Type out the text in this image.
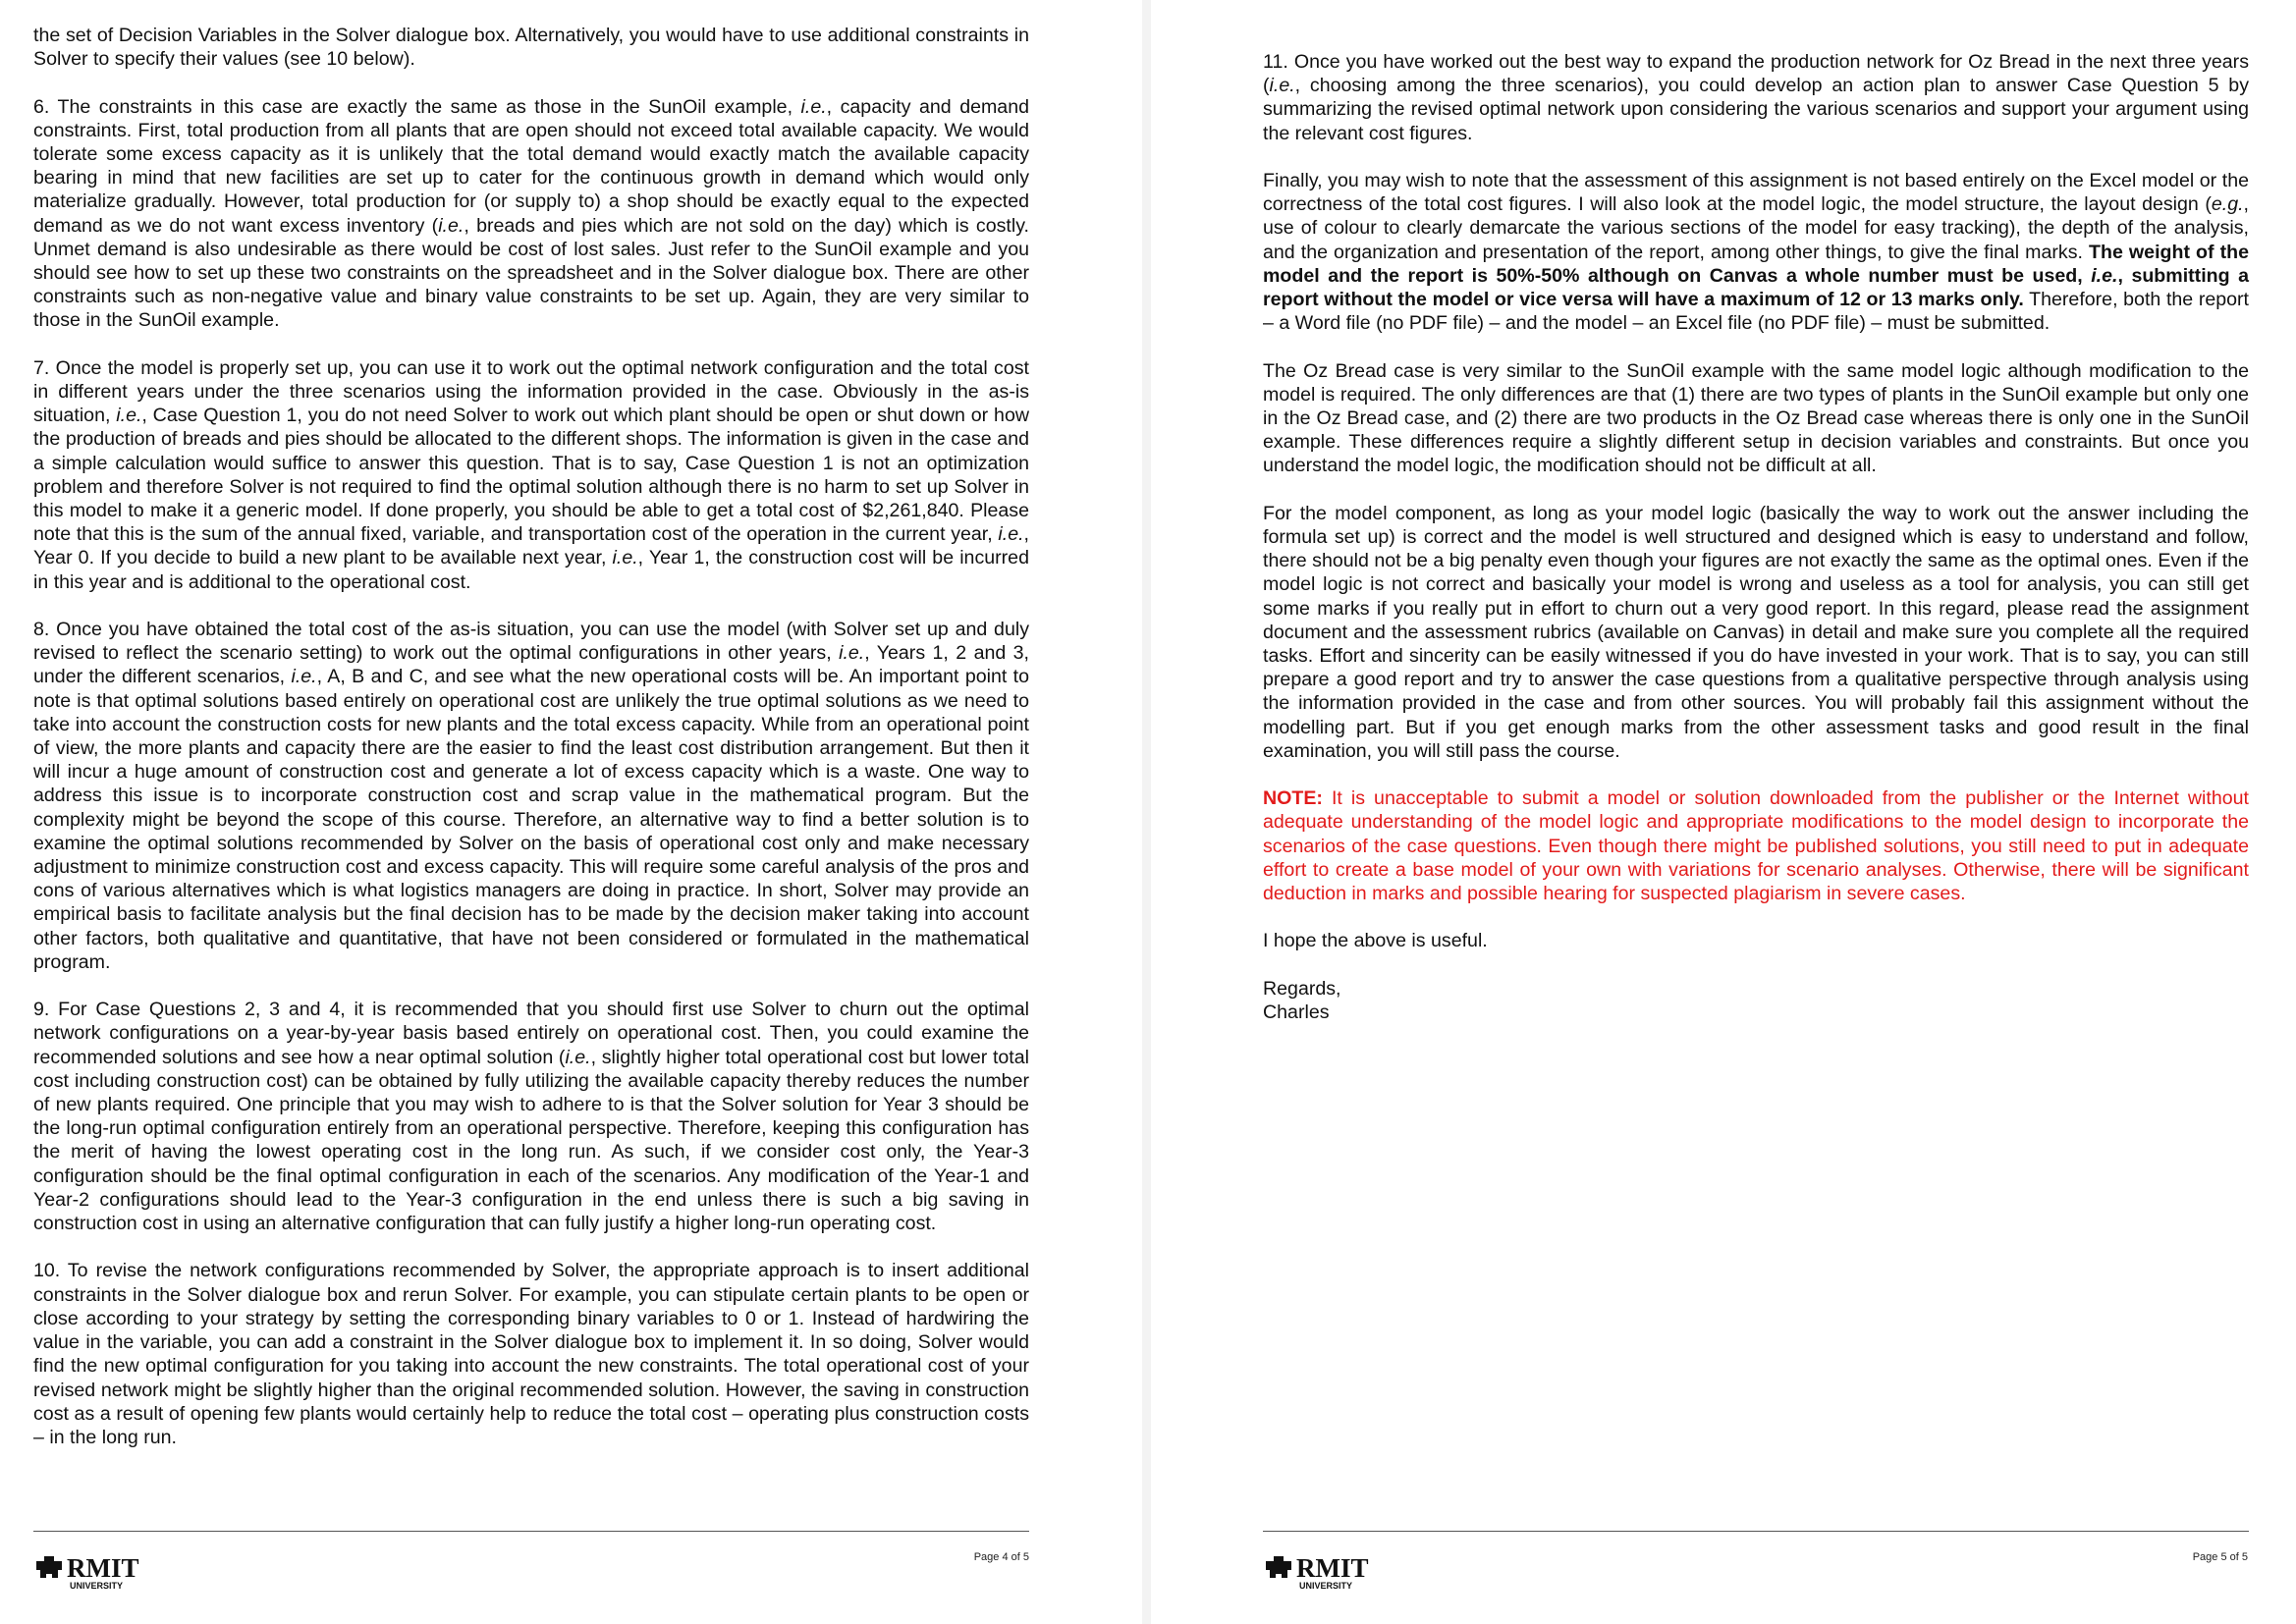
the set of Decision Variables in the Solver dialogue box. Alternatively, you would have to use additional constraints in Solver to specify their values (see 10 below).

6. The constraints in this case are exactly the same as those in the SunOil example, i.e., capacity and demand constraints. First, total production from all plants that are open should not exceed total available capacity. We would tolerate some excess capacity as it is unlikely that the total demand would exactly match the available capacity bearing in mind that new facilities are set up to cater for the continuous growth in demand which would only materialize gradually. However, total production for (or supply to) a shop should be exactly equal to the expected demand as we do not want excess inventory (i.e., breads and pies which are not sold on the day) which is costly. Unmet demand is also undesirable as there would be cost of lost sales. Just refer to the SunOil example and you should see how to set up these two constraints on the spreadsheet and in the Solver dialogue box. There are other constraints such as non-negative value and binary value constraints to be set up. Again, they are very similar to those in the SunOil example.

7. Once the model is properly set up, you can use it to work out the optimal network configuration and the total cost in different years under the three scenarios using the information provided in the case. Obviously in the as-is situation, i.e., Case Question 1, you do not need Solver to work out which plant should be open or shut down or how the production of breads and pies should be allocated to the different shops. The information is given in the case and a simple calculation would suffice to answer this question. That is to say, Case Question 1 is not an optimization problem and therefore Solver is not required to find the optimal solution although there is no harm to set up Solver in this model to make it a generic model. If done properly, you should be able to get a total cost of $2,261,840. Please note that this is the sum of the annual fixed, variable, and transportation cost of the operation in the current year, i.e., Year 0. If you decide to build a new plant to be available next year, i.e., Year 1, the construction cost will be incurred in this year and is additional to the operational cost.

8. Once you have obtained the total cost of the as-is situation, you can use the model (with Solver set up and duly revised to reflect the scenario setting) to work out the optimal configurations in other years, i.e., Years 1, 2 and 3, under the different scenarios, i.e., A, B and C, and see what the new operational costs will be. An important point to note is that optimal solutions based entirely on operational cost are unlikely the true optimal solutions as we need to take into account the construction costs for new plants and the total excess capacity. While from an operational point of view, the more plants and capacity there are the easier to find the least cost distribution arrangement. But then it will incur a huge amount of construction cost and generate a lot of excess capacity which is a waste. One way to address this issue is to incorporate construction cost and scrap value in the mathematical program. But the complexity might be beyond the scope of this course. Therefore, an alternative way to find a better solution is to examine the optimal solutions recommended by Solver on the basis of operational cost only and make necessary adjustment to minimize construction cost and excess capacity. This will require some careful analysis of the pros and cons of various alternatives which is what logistics managers are doing in practice. In short, Solver may provide an empirical basis to facilitate analysis but the final decision has to be made by the decision maker taking into account other factors, both qualitative and quantitative, that have not been considered or formulated in the mathematical program.

9. For Case Questions 2, 3 and 4, it is recommended that you should first use Solver to churn out the optimal network configurations on a year-by-year basis based entirely on operational cost. Then, you could examine the recommended solutions and see how a near optimal solution (i.e., slightly higher total operational cost but lower total cost including construction cost) can be obtained by fully utilizing the available capacity thereby reduces the number of new plants required. One principle that you may wish to adhere to is that the Solver solution for Year 3 should be the long-run optimal configuration entirely from an operational perspective. Therefore, keeping this configuration has the merit of having the lowest operating cost in the long run. As such, if we consider cost only, the Year-3 configuration should be the final optimal configuration in each of the scenarios. Any modification of the Year-1 and Year-2 configurations should lead to the Year-3 configuration in the end unless there is such a big saving in construction cost in using an alternative configuration that can fully justify a higher long-run operating cost.

10. To revise the network configurations recommended by Solver, the appropriate approach is to insert additional constraints in the Solver dialogue box and rerun Solver. For example, you can stipulate certain plants to be open or close according to your strategy by setting the corresponding binary variables to 0 or 1. Instead of hardwiring the value in the variable, you can add a constraint in the Solver dialogue box to implement it. In so doing, Solver would find the new optimal configuration for you taking into account the new constraints. The total operational cost of your revised network might be slightly higher than the original recommended solution. However, the saving in construction cost as a result of opening few plants would certainly help to reduce the total cost – operating plus construction costs – in the long run.

RMIT
UNIVERSITY
Page 4 of 5

11. Once you have worked out the best way to expand the production network for Oz Bread in the next three years (i.e., choosing among the three scenarios), you could develop an action plan to answer Case Question 5 by summarizing the revised optimal network upon considering the various scenarios and support your argument using the relevant cost figures.

Finally, you may wish to note that the assessment of this assignment is not based entirely on the Excel model or the correctness of the total cost figures. I will also look at the model logic, the model structure, the layout design (e.g., use of colour to clearly demarcate the various sections of the model for easy tracking), the depth of the analysis, and the organization and presentation of the report, among other things, to give the final marks. The weight of the model and the report is 50%-50% although on Canvas a whole number must be used, i.e., submitting a report without the model or vice versa will have a maximum of 12 or 13 marks only. Therefore, both the report – a Word file (no PDF file) – and the model – an Excel file (no PDF file) – must be submitted.

The Oz Bread case is very similar to the SunOil example with the same model logic although modification to the model is required. The only differences are that (1) there are two types of plants in the SunOil example but only one in the Oz Bread case, and (2) there are two products in the Oz Bread case whereas there is only one in the SunOil example. These differences require a slightly different setup in decision variables and constraints. But once you understand the model logic, the modification should not be difficult at all.

For the model component, as long as your model logic (basically the way to work out the answer including the formula set up) is correct and the model is well structured and designed which is easy to understand and follow, there should not be a big penalty even though your figures are not exactly the same as the optimal ones. Even if the model logic is not correct and basically your model is wrong and useless as a tool for analysis, you can still get some marks if you really put in effort to churn out a very good report. In this regard, please read the assignment document and the assessment rubrics (available on Canvas) in detail and make sure you complete all the required tasks. Effort and sincerity can be easily witnessed if you do have invested in your work. That is to say, you can still prepare a good report and try to answer the case questions from a qualitative perspective through analysis using the information provided in the case and from other sources. You will probably fail this assignment without the modelling part. But if you get enough marks from the other assessment tasks and good result in the final examination, you will still pass the course.

NOTE: It is unacceptable to submit a model or solution downloaded from the publisher or the Internet without adequate understanding of the model logic and appropriate modifications to the model design to incorporate the scenarios of the case questions. Even though there might be published solutions, you still need to put in adequate effort to create a base model of your own with variations for scenario analyses. Otherwise, there will be significant deduction in marks and possible hearing for suspected plagiarism in severe cases.

I hope the above is useful.

Regards,

Charles

RMIT
UNIVERSITY
Page 5 of 5
